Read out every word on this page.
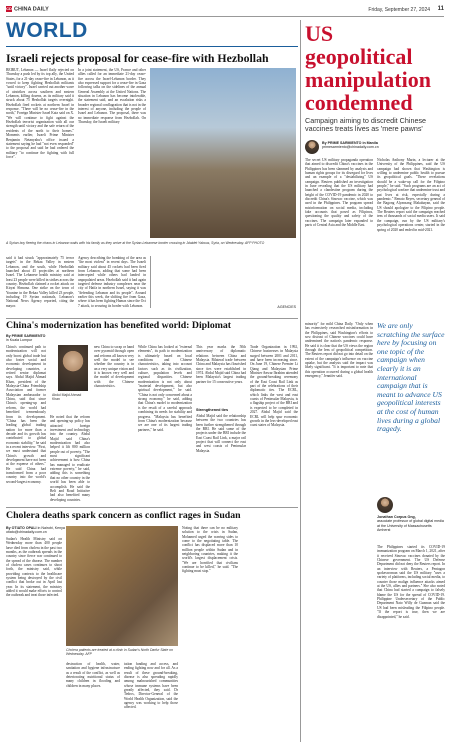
CD CHINA DAILY	Friday, September 27, 2024 11
WORLD
Israeli rejects proposal for cease-fire with Hezbollah
BEIRUT, Lebanon — Israel flatly rejected on Thursday a push led by its top ally, the United States, for a 21-day cease-fire in Lebanon, as it vowed to keep fighting Hezbollah militants "until victory". Israel carried out another wave of airstrikes across southern and eastern Lebanon, killing dozens, as its military said it struck about 75 Hezbollah targets overnight. Hezbollah fired rockets at northern Israel in response. "There will be no cease-fire in the north," Foreign Minister Israel Katz said on X. "We will continue to fight against the Hezbollah terrorist organization with all our strength until victory and the safe return of the residents of the north to their homes." Moments earlier, Israeli Prime Minister Benjamin Netanyahu's office issued a statement saying he had "not even responded" to the proposal and said he had ordered the military "to continue the fighting with full force".
In a joint statement, the US, France and other allies called for an immediate 21-day cease-fire across the Israel-Lebanon border. They also expressed support for a cease-fire in Gaza following talks on the sidelines of the annual General Assembly at the United Nations. The situation in Lebanon has become intolerable, the statement said, and an escalation risks a broader regional conflagration that is not in the interest of anyone, including the people of Israel and Lebanon. The proposal, there was no immediate response from Hezbollah. On Thursday, the Israeli military
A Syrian boy fleeing the chaos in Lebanon waits with his family as they arrive at the Syrian-Lebanese border crossing in Jdaidet Yabous, Syria, on Wednesday. AFP PHOTO
said it had struck "approximately 75 terror targets" in the Bekaa Valley in eastern Lebanon, and the south, while Hezbollah launched about 45 projectiles at northern Israel. The Lebanese health ministry said at least 23 people were killed in strikes across the country. Hezbollah claimed a rocket attack on Kiryat Shmona. One strike on the town of Younine in the Bekaa Valley killed 23 people, including 19 Syrian nationals, Lebanon's National News Agency reported, citing the mayor.
Agency describing the bombing of the area as "the most violent" in recent days. The Israeli military said about 45 rockets had been fired from Lebanon, adding that some had been intercepted while others had landed in unpopulated areas. Hezbollah said it had again targeted defense industry complexes near the city of Haifa in northern Israel, saying it was "defending Lebanon and its people". Around earlier this week, the shifting fire from Gaza, where it has been fighting Hamas since the Oct 7 attack, to securing its border with Lebanon.	AGENCIES
US geopolitical manipulation condemned
Campaign aiming to discredit Chinese vaccines treats lives as 'mere pawns'
By PRIME SARMIENTO in Manila
primesarmiento@chinadaily.com.cn
The secret US military propaganda operation that aimed to discredit China's vaccines in the Philippines has been slammed by analysts and human rights groups for its disregard for lives and an example of a "destabilizing" US campaign. Reuters published an investigation in June revealing that the US military had launched a clandestine program during the height of the COVID-19 pandemic in 2020 to discredit China's Sinovac vaccine, which was used in the Philippines. The program spread misinformation on social media, including fake accounts that posed as Filipinos, questioning the quality and safety of the vaccines. The campaign later expanded to parts of Central Asia and the Middle East.
Nicholas Anthony Marin, a lecturer at the University of the Philippines, said the US campaign had shown that Washington is willing to undermine public health to pursue its geopolitical goals. "These revelations should be a wake-up call for the Filipino people," he said. "Such programs are an act of psychological warfare that undermine trust and put lives at risk, especially during a pandemic." Renato Reyes, secretary general of the Bagong Alyansang Makabayan, said the US should apologize to the Filipino people. The Reuters report said the campaign reached tens of thousands of social media users. It said the campaign, run by the US military's psychological operations center, started in the spring of 2020 and ended in mid-2021.
China's modernization has benefited world: Diplomat
By PRIME SARMIENTO
in Kuala Lumpur
China's continued path to modernization will not only boost global trade but also foster social and economic development in developing countries, a retired senior diplomat says. Abdul Majid Ahmad Khan, president of the Malaysia-China Friendship Association and former Malaysian ambassador to China, said that since China's opening-up and reform, the world had benefited tremendously from its development. "China has been the leading global trading nation for more than a decade and its growth has contributed to global economic stability," he said in a recent interview. "First, we must understand that China's growth and development have not been at the expense of others." He said China had transformed from a poor country into the world's second-largest economy.
He noted that the reform and opening-up policy has attracted foreign investment and technology into the country. Abdul Majid said China's modernization had also helped it lift 800 million people out of poverty. "The most significant achievement is how China has managed to eradicate extreme poverty," he said, adding this is something that no other country in the world has been able to accomplish. He said the Belt and Road Initiative had also benefited many developing countries.
Abdul Majid Ahmad Khan
new China to scrap or hand over pyramid through open and reforms all known very well the model to see whether the country is in an a very unique vision and it is known very well and the model of development with the Chinese characteristics.
While China has looked at "external elements", its path to modernization is ultimately based on local conditions and Chinese characteristics, taking into account factors such as its civilization, culture, population levels and regional disparities. Chinese modernization is not only about "material development, but also spiritual development," he said. "China is not only concerned about a strong economy," he said, adding that China's model to modernization is the result of a careful approach combining its needs for stability and progress. "Malaysia has benefited from China's modernization because we are one of its largest trading partners," he said.
This year marks the 50th anniversary of diplomatic relations between China and Malaysia. Bilateral trade between China and Malaysia has flourished since ties were established in 1974. Abdul Majid said China had been Malaysia's largest trading partner for 15 consecutive years.
Strengthened ties
Abdul Majid said the relationship between the two countries has been further strengthened through the BRI. He said some of the projects under the BRI include the East Coast Rail Link, a major rail project that will connect the east and west coasts of Peninsular Malaysia.
Trade Organization in 1992, Chinese businesses in Malaysia surged between 2001 and 2011, and have been increasing since. On June 19, Chinese Premier Li Qiang and Malaysian Prime Minister Anwar Ibrahim attended the ground-breaking ceremony of the East Coast Rail Link as part of the celebrations of their diplomatic ties. The ECRL, which links the west and east coasts of Peninsular Malaysia, is a flagship project of the BRI and is expected to be completed in 2027. Abdul Majid said the ECRL will help spur economic growth in the less-developed east coast states of Malaysia.
minority" for mild China Daily. "Only when has extensively researched misinformation in the Philippines, said Washington's efforts to sow distrust of Chinese vaccines could have undermined the nation's pandemic response. He said it is clear that the US views the region through the lens of geopolitical competition. The Reuters report did not go into detail on the extent of the campaign's influence on vaccine uptake, but the analysts said the impact was likely significant. "It is important to note that this operation occurred during a global health emergency," Jennifer said.
We are only scratching the surface here by focusing on one topic of the campaign when clearly it is an international campaign that is meant to advance US geopolitical interests at the cost of human lives during a global tragedy.
Jonathan Corpus Ong,
associate professor of global digital media at the University of Massachusetts Amherst
The Philippines started its COVID-19 immunization program on March 1, 2021, after it received Sinovac vaccines donated by the Chinese government. The US Defense Department did not deny the Reuters report. In an interview with Reuters, a Pentagon spokeswoman said the US military "uses a variety of platforms, including social media, to counter those malign influence attacks aimed at the US, allies and partners." She also noted that China had started a campaign to falsely blame the US for the spread of COVID-19. Philippine Undersecretary of the Public Department Nato Willy de Guzman said the US had been misleading the Filipino people. "If the report is true, then we are disappointed," he said.
Cholera deaths spark concern as conflict rages in Sudan
By OTIATO OPALI in Nairobi, Kenya
otiato@chinadaily.com.cn
Sudan's Health Ministry said on Wednesday more than 400 people have died from cholera in the past two months, as the outbreak spreads in the country since fierce war continued to the spread of the disease. The number of cholera cases continues to shoot forth, the ministry said, while providing contexts to the healthcare system being destroyed by the civil conflict that broke out in April last year. In its statement, the ministry added it would make efforts to control the outbreak and treat those infected.
Cholera patients are treated at a clinic in Sudan's North Darfur State on Wednesday. AFP
destruction of health, water, sanitation and hygiene infrastructure as a result of the conflict, as well as deteriorating nutritional status of many children in flooding and children in many places.
tation funding and access, and ending fighting now and for all. As a result of these ground-breaking, disease is also spreading rapidly among malnourished communities whose immune systems have been greatly affected, they said. Dr Tedros, Director-General of the World Health Organization, said the agency was working to help those affected.
Noting that there can be no military solution to the crisis in Sudan, Mohamed urged the warring sides to come to the negotiating table. The conflict has displaced more than 10 million people within Sudan and in neighboring countries, making it the world's largest displacement crisis. "We are horrified that civilians continue to be killed," he said. "The fighting must stop."
